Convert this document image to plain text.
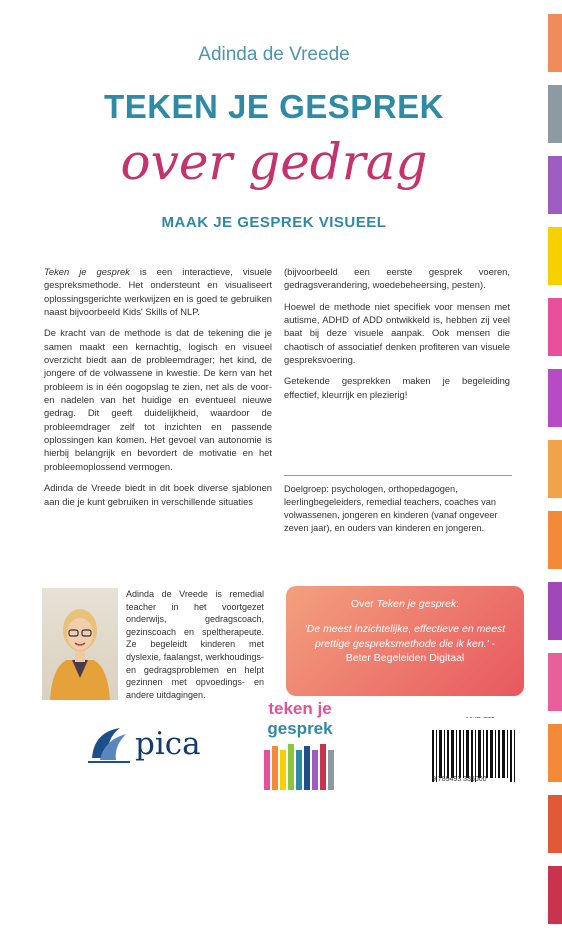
Adinda de Vreede
TEKEN JE GESPREK
over gedrag
MAAK JE GESPREK VISUEEL

Teken je gesprek is een interactieve, visuele gespreksmethode. Het ondersteunt en visualiseert oplossingsgerichte werkwijzen en is goed te gebruiken naast bijvoorbeeld Kids' Skills of NLP.

De kracht van de methode is dat de tekening die je samen maakt een kernachtig, logisch en visueel overzicht biedt aan de probleemdrager; het kind, de jongere of de volwassene in kwestie. De kern van het probleem is in één oogopslag te zien, net als de voor- en nadelen van het huidige en eventueel nieuwe gedrag. Dit geeft duidelijkheid, waardoor de probleemdrager zelf tot inzichten en passende oplossingen kan komen. Het gevoel van autonomie is hierbij belangrijk en bevordert de motivatie en het probleemoplossend vermogen.

Adinda de Vreede biedt in dit boek diverse sjablonen aan die je kunt gebruiken in verschillende situaties

(bijvoorbeeld een eerste gesprek voeren, gedragsverandering, woedebeheersing, pesten).

Hoewel de methode niet specifiek voor mensen met autisme, ADHD of ADD ontwikkeld is, hebben zij veel baat bij deze visuele aanpak. Ook mensen die chaotisch of associatief denken profiteren van visuele gespreksvoering.

Getekende gesprekken maken je begeleiding effectief, kleurrijk en plezierig!

Doelgroep: psychologen, orthopedagogen, leerlingbegeleiders, remedial teachers, coaches van volwassenen, jongeren en kinderen (vanaf ongeveer zeven jaar), en ouders van kinderen en jongeren.
Adinda de Vreede is remedial teacher in het voortgezet onderwijs, gedragscoach, gezinscoach en speltherapeute. Ze begeleidt kinderen met dyslexie, faalangst, werkhoudings- en gedragsproblemen en helpt gezinnen met opvoedings- en andere uitdagingen.
Over Teken je gesprek:
'De meest inzichtelijke, effectieve en meest prettige gespreksmethode die ik ken.' - Beter Begeleiden Digitaal
pica
teken je
gesprek
9 789493 336000
